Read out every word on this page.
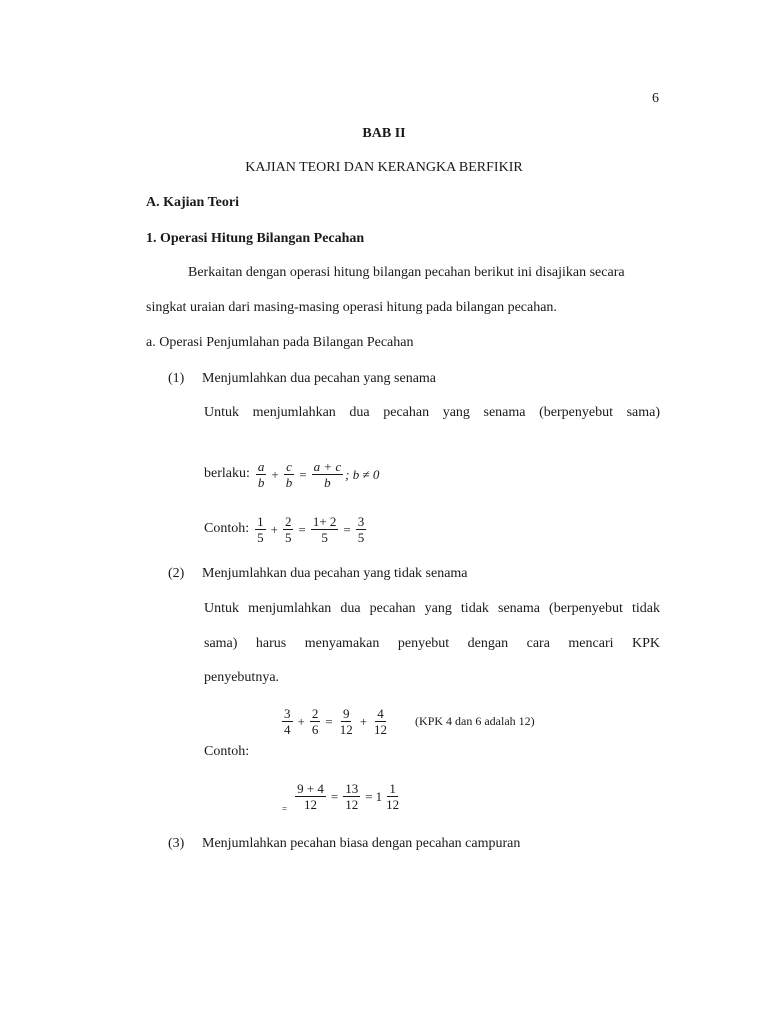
6
BAB II
KAJIAN TEORI DAN KERANGKA BERFIKIR
A. Kajian Teori
1. Operasi Hitung Bilangan Pecahan
Berkaitan dengan operasi hitung bilangan pecahan berikut ini disajikan secara
singkat uraian dari masing-masing operasi hitung pada bilangan pecahan.
a. Operasi Penjumlahan pada Bilangan Pecahan
(1) Menjumlahkan dua pecahan yang senama
Untuk menjumlahkan dua pecahan yang senama (berpenyebut sama)
berlaku: $\frac{a}{b} + \frac{c}{b} = \frac{a + c}{b}$ ; b ≠ 0
Contoh: $\frac{1}{5} + \frac{2}{5} = \frac{1+ 2}{5} = \frac{3}{5}$
(2) Menjumlahkan dua pecahan yang tidak senama
Untuk menjumlahkan dua pecahan yang tidak senama (berpenyebut tidak
sama) harus menyamakan penyebut dengan cara mencari KPK
penyebutnya.
$\frac{3}{4} + \frac{2}{6} = \frac{9}{12} + \frac{4}{12} (KPK$ 4 dan 6 adalah 12)
Contoh:
= $\frac{9 + 4}{12} = \frac{13}{12} = 1 \frac{1}{12}$
(3) Menjumlahkan pecahan biasa dengan pecahan campuran
